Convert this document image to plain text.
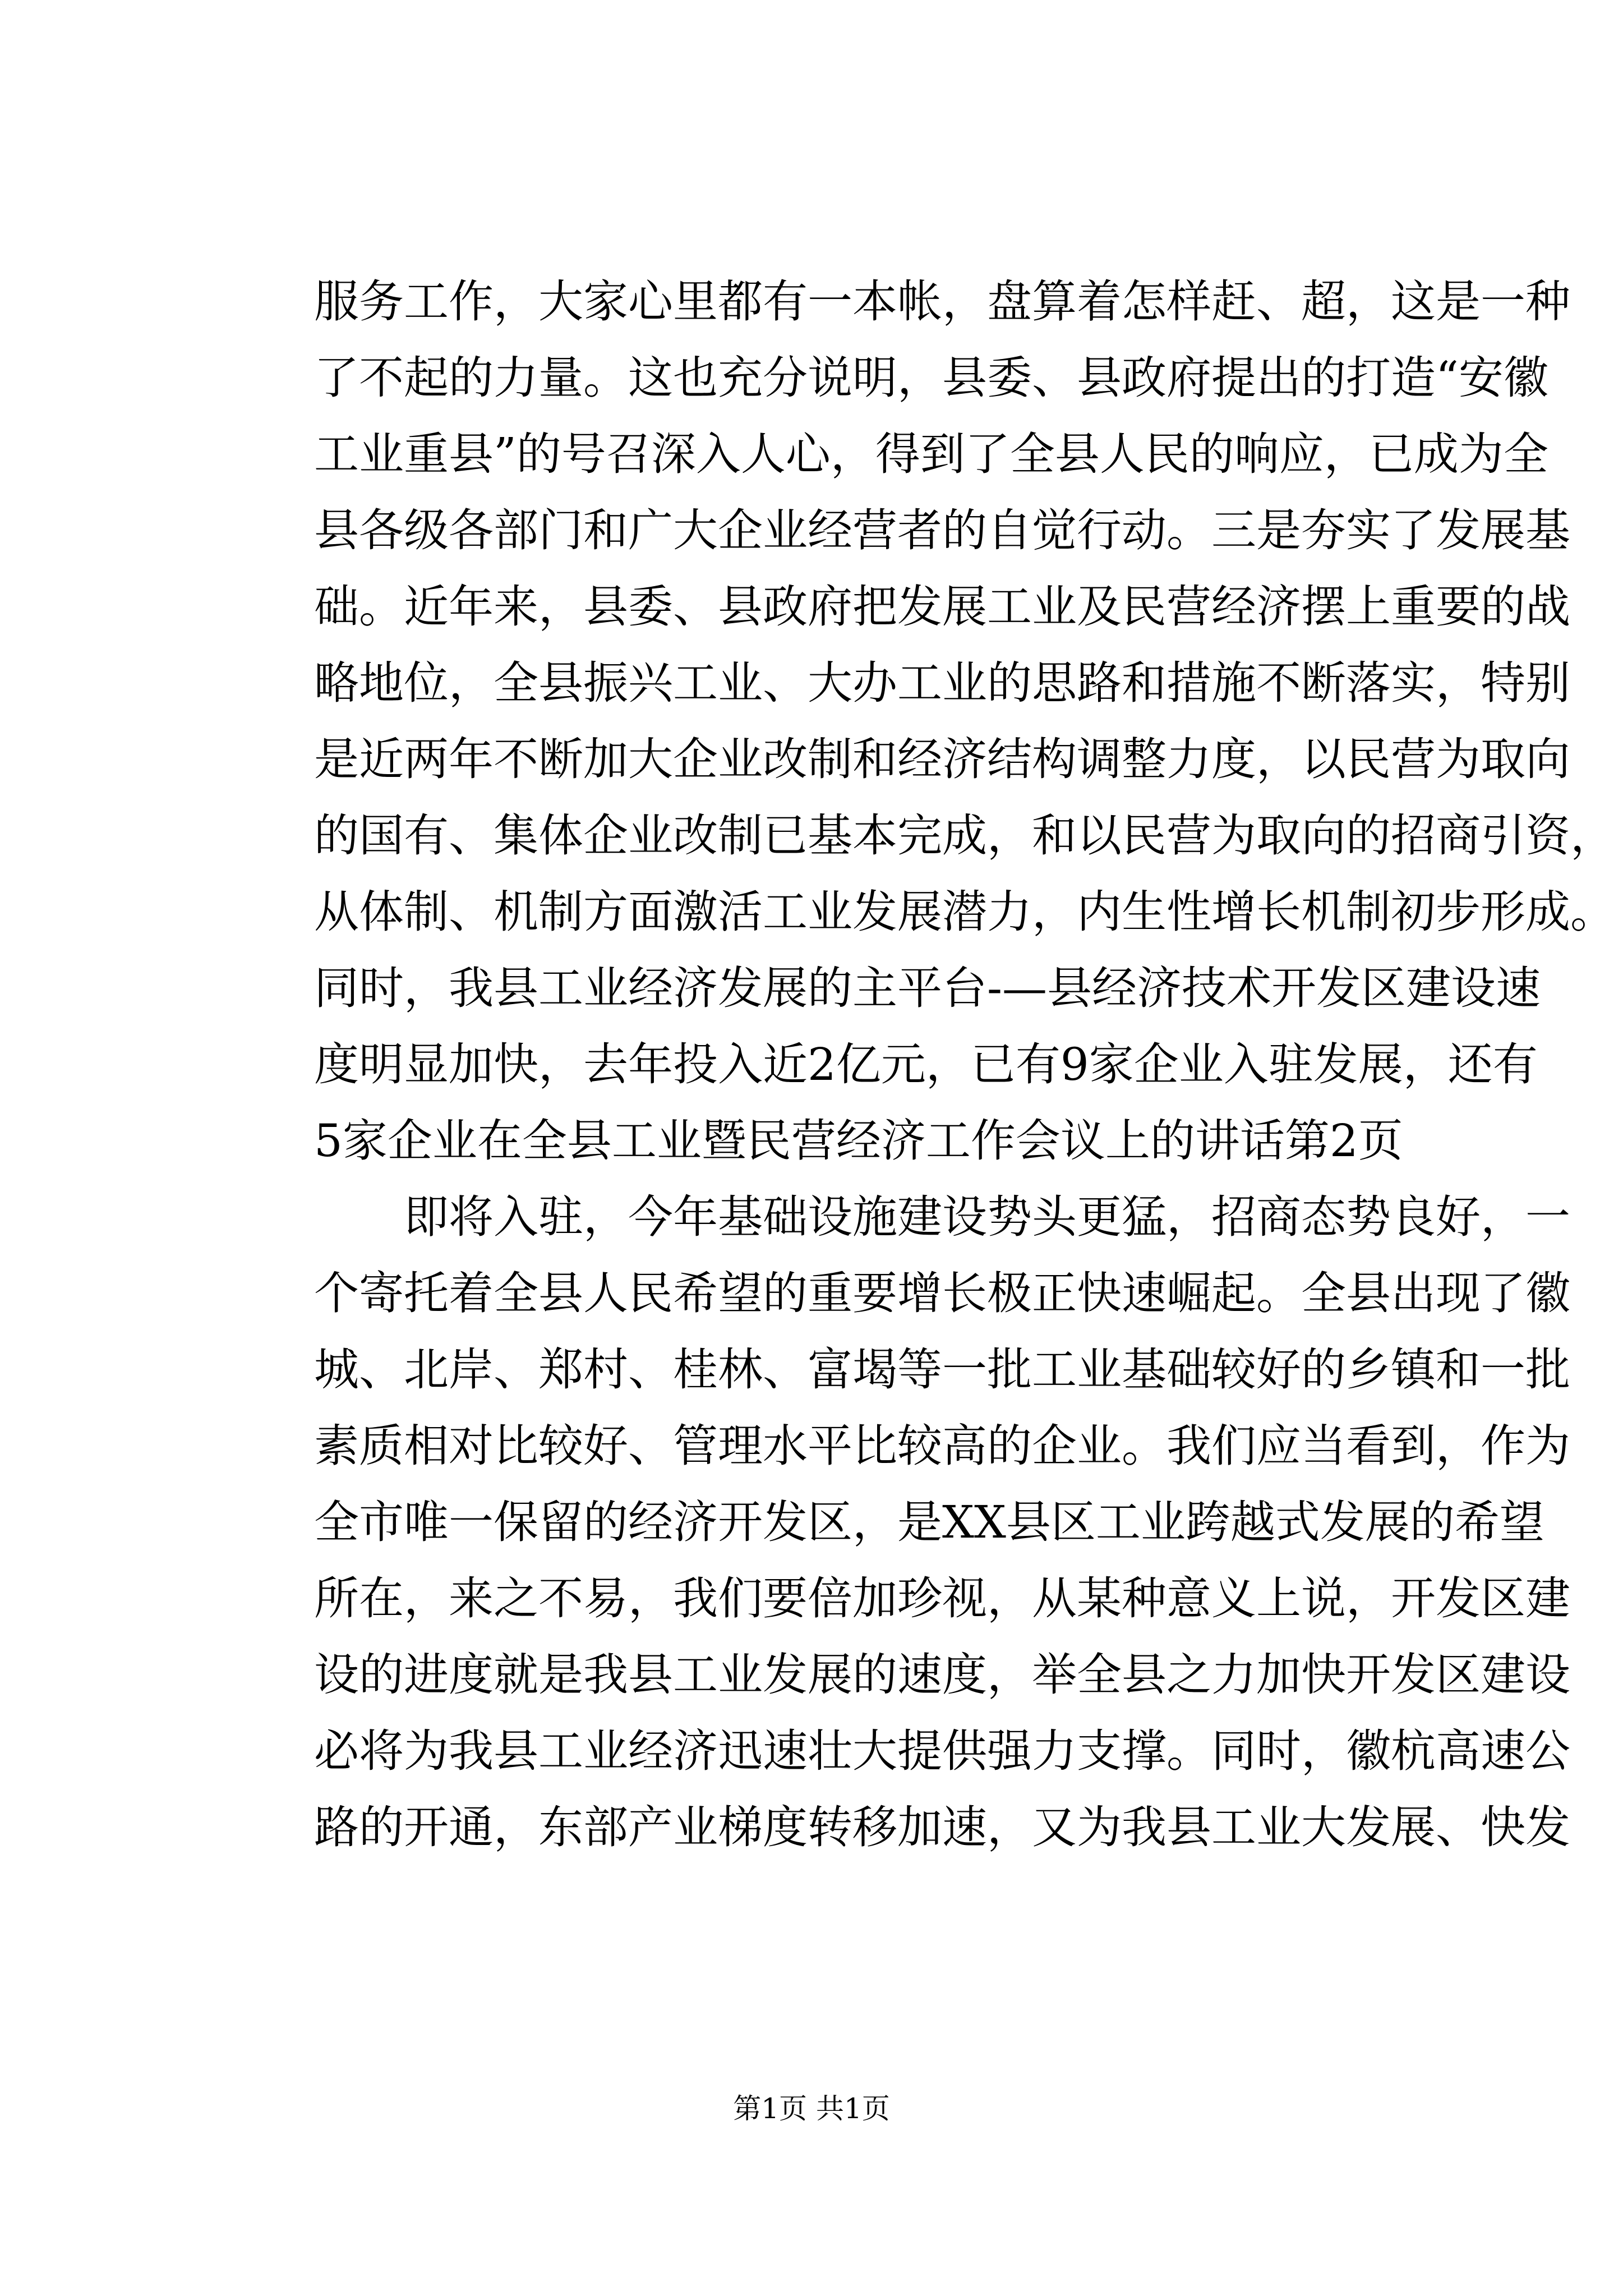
服务工作，大家心里都有一本帐，盘算着怎样赶、超，这是一种
了不起的力量。这也充分说明，县委、县政府提出的打造“安徽
工业重县”的号召深入人心，得到了全县人民的响应，已成为全
县各级各部门和广大企业经营者的自觉行动。三是夯实了发展基
础。近年来，县委、县政府把发展工业及民营经济摆上重要的战
略地位，全县振兴工业、大办工业的思路和措施不断落实，特别
是近两年不断加大企业改制和经济结构调整力度，以民营为取向
的国有、集体企业改制已基本完成，和以民营为取向的招商引资，
从体制、机制方面激活工业发展潜力，内生性增长机制初步形成。
同时，我县工业经济发展的主平台-—县经济技术开发区建设速
度明显加快，去年投入近2亿元，已有9家企业入驻发展，还有
5家企业在全县工业暨民营经济工作会议上的讲话第2页
即将入驻，今年基础设施建设势头更猛，招商态势良好，一
个寄托着全县人民希望的重要增长极正快速崛起。全县出现了徽
城、北岸、郑村、桂林、富堨等一批工业基础较好的乡镇和一批
素质相对比较好、管理水平比较高的企业。我们应当看到，作为
全市唯一保留的经济开发区，是XX县区工业跨越式发展的希望
所在，来之不易，我们要倍加珍视，从某种意义上说，开发区建
设的进度就是我县工业发展的速度，举全县之力加快开发区建设
必将为我县工业经济迅速壮大提供强力支撑。同时，徽杭高速公
路的开通，东部产业梯度转移加速，又为我县工业大发展、快发
第1页 共1页
